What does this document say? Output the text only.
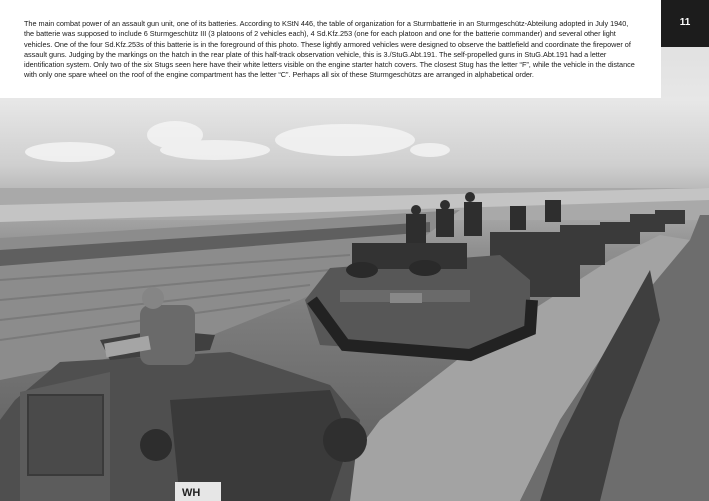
WH

The main combat power of an assault gun unit, one of its batteries. According to KStN 446, the table of organization for a Sturmbatterie in an Sturmgeschütz-Abteilung adopted in July 1940, the batterie was supposed to include 6 Sturmgeschütz III (3 platoons of 2 vehicles each), 4 Sd.Kfz.253 (one for each platoon and one for the batterie commander) and several other light vehicles. One of the four Sd.Kfz.253s of this batterie is in the foreground of this photo. These lightly armored vehicles were designed to observe the battlefield and coordinate the firepower of assault guns. Judging by the markings on the hatch in the rear plate of this half-track observation vehicle, this is 3./StuG.Abt.191. The self-propelled guns in StuG.Abt.191 had a letter identification system. Only two of the six Stugs seen here have their white letters visible on the engine starter hatch covers. The closest Stug has the letter “F”, while the vehicle in the distance with only one spare wheel on the roof of the engine compartment has the letter “C”. Perhaps all six of these Sturmgeschützs are arranged in alphabetical order.

11
